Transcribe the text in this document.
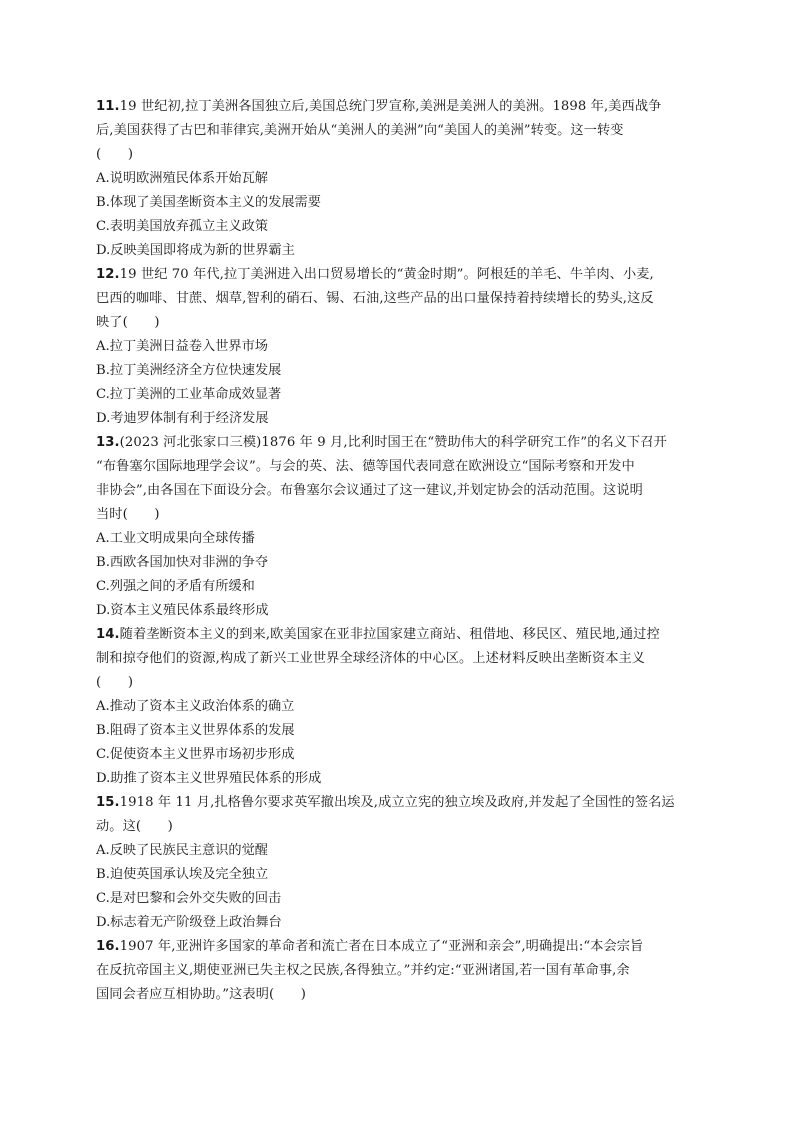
11.19 世纪初,拉丁美洲各国独立后,美国总统门罗宣称,美洲是美洲人的美洲。1898 年,美西战争
后,美国获得了古巴和菲律宾,美洲开始从“美洲人的美洲”向“美国人的美洲”转变。这一转变
(　　)
A.说明欧洲殖民体系开始瓦解
B.体现了美国垄断资本主义的发展需要
C.表明美国放弃孤立主义政策
D.反映美国即将成为新的世界霸主
12.19 世纪 70 年代,拉丁美洲进入出口贸易增长的“黄金时期”。阿根廷的羊毛、牛羊肉、小麦,
巴西的咖啡、甘蔗、烟草,智利的硝石、锡、石油,这些产品的出口量保持着持续增长的势头,这反
映了(　　)
A.拉丁美洲日益卷入世界市场
B.拉丁美洲经济全方位快速发展
C.拉丁美洲的工业革命成效显著
D.考迪罗体制有利于经济发展
13.(2023 河北张家口三模)1876 年 9 月,比利时国王在“赞助伟大的科学研究工作”的名义下召开
“布鲁塞尔国际地理学会议”。与会的英、法、德等国代表同意在欧洲设立“国际考察和开发中
非协会”,由各国在下面设分会。布鲁塞尔会议通过了这一建议,并划定协会的活动范围。这说明
当时(　　)
A.工业文明成果向全球传播
B.西欧各国加快对非洲的争夺
C.列强之间的矛盾有所缓和
D.资本主义殖民体系最终形成
14.随着垄断资本主义的到来,欧美国家在亚非拉国家建立商站、租借地、移民区、殖民地,通过控
制和掠夺他们的资源,构成了新兴工业世界全球经济体的中心区。上述材料反映出垄断资本主义
(　　)
A.推动了资本主义政治体系的确立
B.阻碍了资本主义世界体系的发展
C.促使资本主义世界市场初步形成
D.助推了资本主义世界殖民体系的形成
15.1918 年 11 月,扎格鲁尔要求英军撤出埃及,成立立宪的独立埃及政府,并发起了全国性的签名运
动。这(　　)
A.反映了民族民主意识的觉醒
B.迫使英国承认埃及完全独立
C.是对巴黎和会外交失败的回击
D.标志着无产阶级登上政治舞台
16.1907 年,亚洲许多国家的革命者和流亡者在日本成立了“亚洲和亲会”,明确提出:“本会宗旨
在反抗帝国主义,期使亚洲已失主权之民族,各得独立。”并约定:“亚洲诸国,若一国有革命事,余
国同会者应互相协助。”这表明(　　)
